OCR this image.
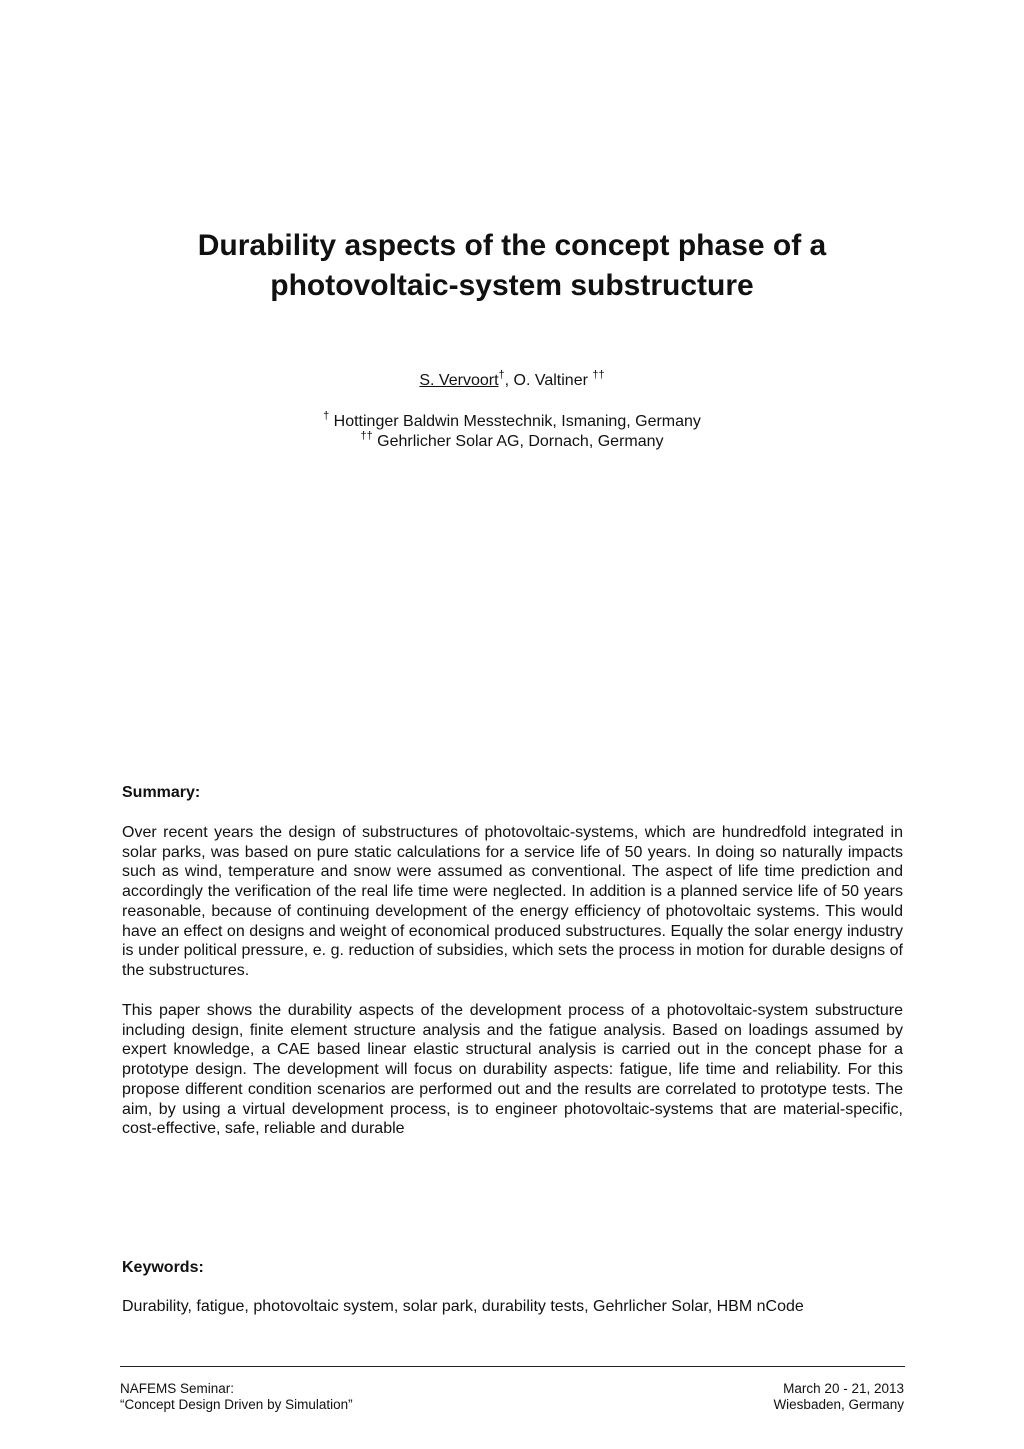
Durability aspects of the concept phase of a
photovoltaic-system substructure
S. Vervoort†, O. Valtiner ††
† Hottinger Baldwin Messtechnik, Ismaning, Germany
†† Gehrlicher Solar AG, Dornach, Germany
Summary:

Over recent years the design of substructures of photovoltaic-systems, which are hundredfold integrated in solar parks, was based on pure static calculations for a service life of 50 years. In doing so naturally impacts such as wind, temperature and snow were assumed as conventional. The aspect of life time prediction and accordingly the verification of the real life time were neglected. In addition is a planned service life of 50 years reasonable, because of continuing development of the energy efficiency of photovoltaic systems. This would have an effect on designs and weight of economical produced substructures. Equally the solar energy industry is under political pressure, e. g. reduction of subsidies, which sets the process in motion for durable designs of the substructures.

This paper shows the durability aspects of the development process of a photovoltaic-system substructure including design, finite element structure analysis and the fatigue analysis. Based on loadings assumed by expert knowledge, a CAE based linear elastic structural analysis is carried out in the concept phase for a prototype design. The development will focus on durability aspects: fatigue, life time and reliability. For this propose different condition scenarios are performed out and the results are correlated to prototype tests. The aim, by using a virtual development process, is to engineer photovoltaic-systems that are material-specific, cost-effective, safe, reliable and durable

Keywords:

Durability, fatigue, photovoltaic system, solar park, durability tests, Gehrlicher Solar, HBM nCode

NAFEMS Seminar:
“Concept Design Driven by Simulation”
March 20 - 21, 2013
Wiesbaden, Germany
